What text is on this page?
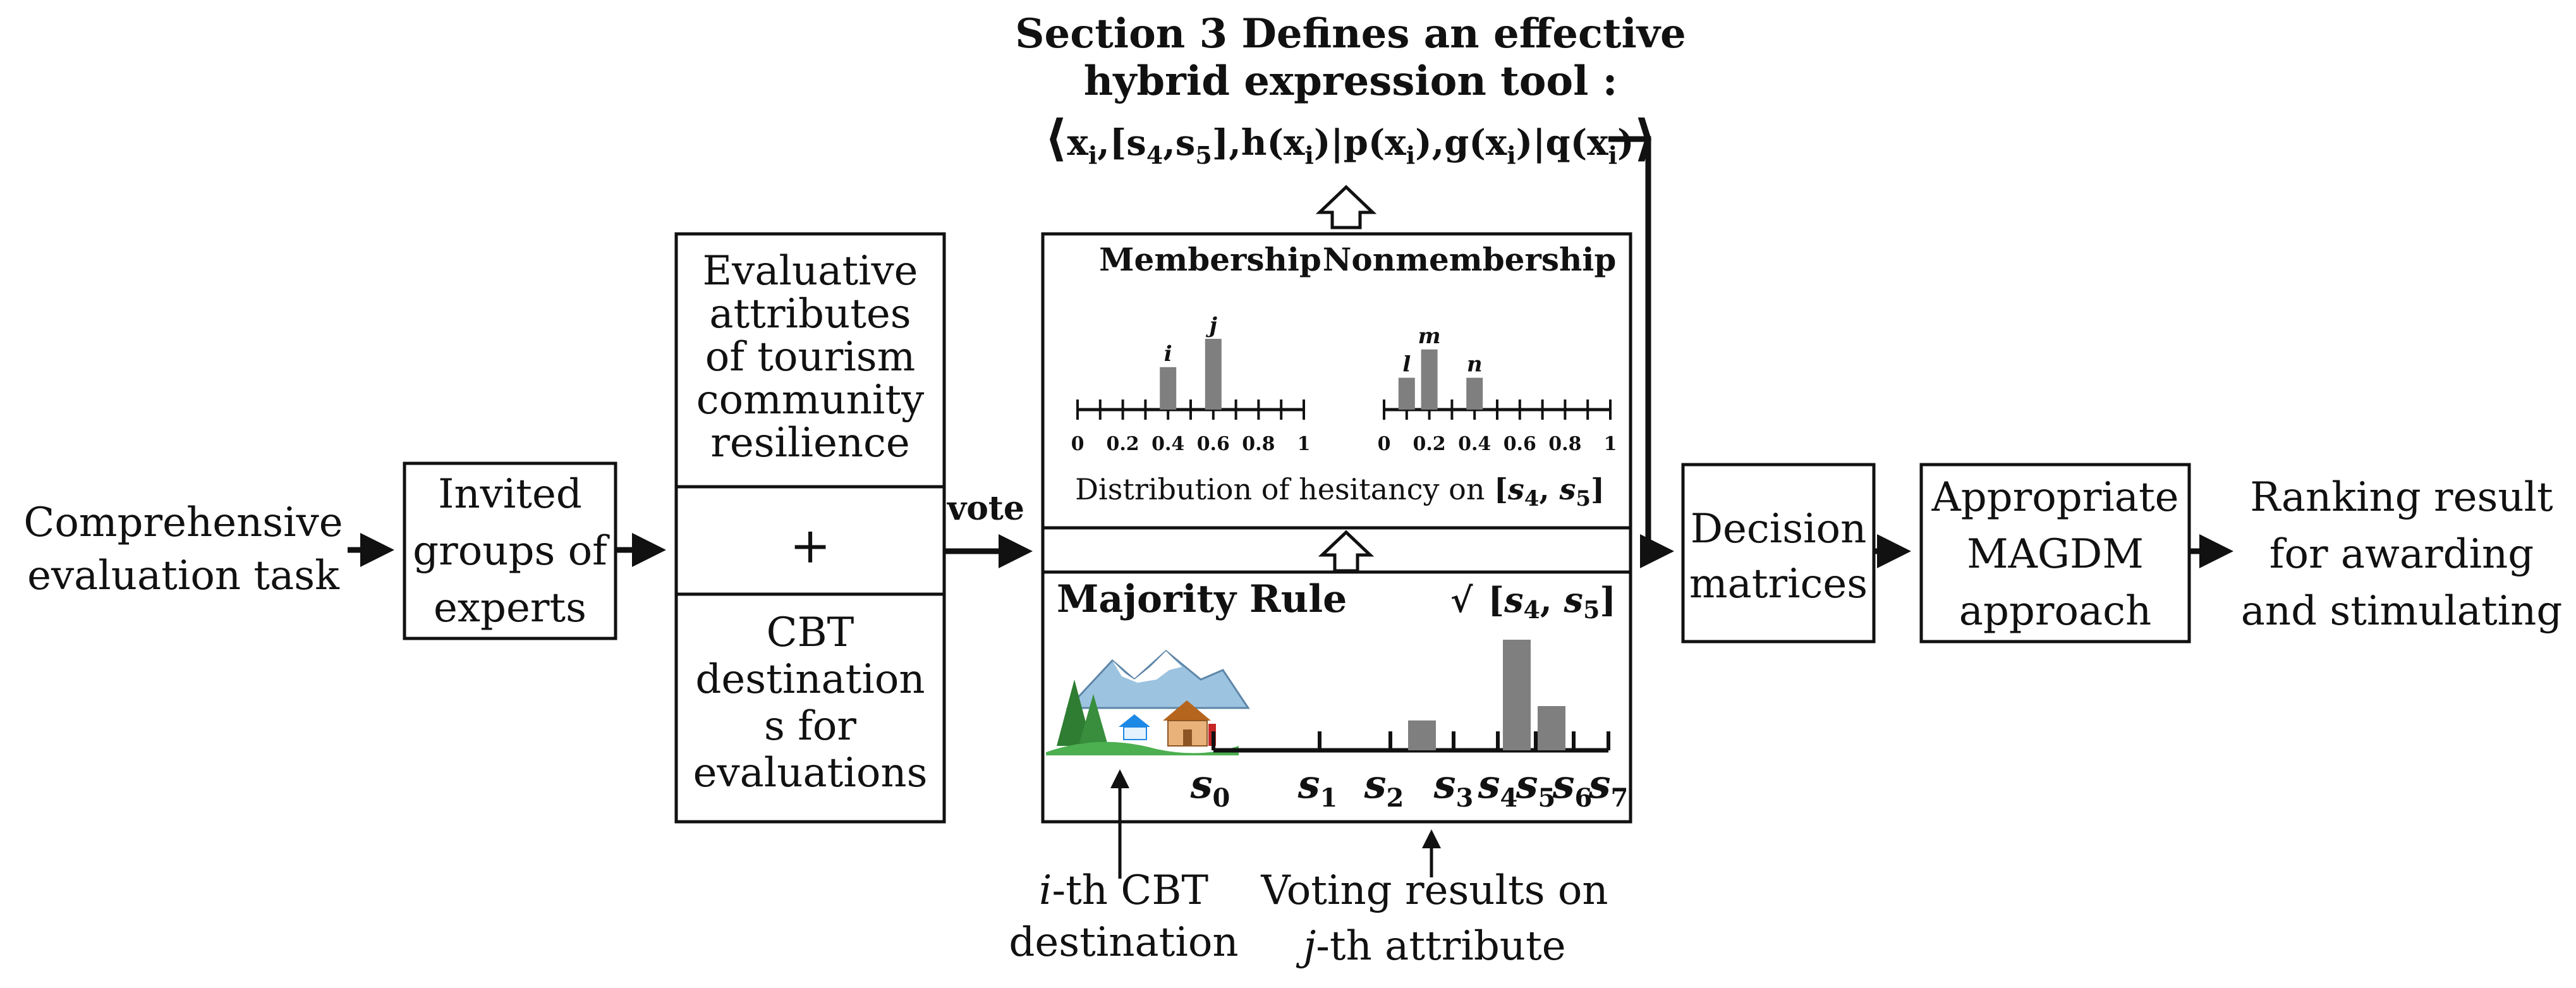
Comprehensive
evaluation task
Invited
groups of
experts
Evaluative
attributes
of tourism
community
resilience
+
CBT
destination
s for
evaluations
vote
Section 3 Defines an effective
hybrid expression tool :
$⟨x_i,[s_4,s_5],h(x_i)|p(x_i),g(x_i)|q(x_i)⟩$
Membership Nonmembership
0 0.2 0.4 0.6 0.8 1
i
j
0 0.2 0.4 0.6 0.8 1
l
m
n
Distribution of hesitancy on [$s_4$, $s_5$]
Majority Rule	√ [s4, s5]
$s_0$ $s_1$ $s_2$ $s_3$ $s_4$
$s_5$
$s_6$
$s_7$
i-th CBT
destination
Voting results on
j-th attribute
Decision
matrices
Appropriate
MAGDM
approach
Ranking result
for awarding
and stimulating
